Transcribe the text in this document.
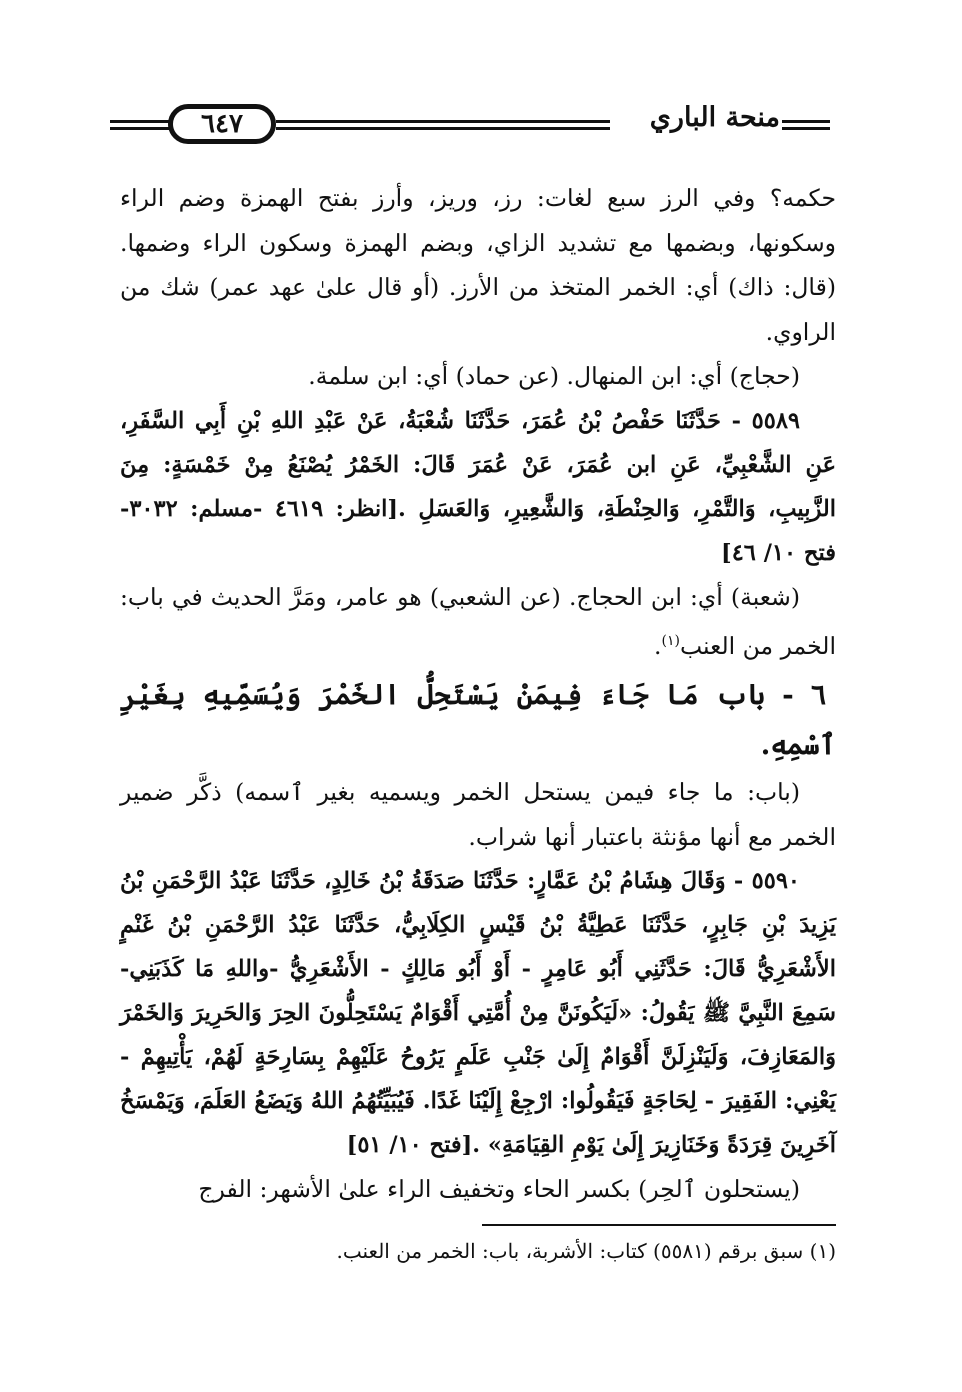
٦٤٧	منحة الباري

حكمه؟ وفي الرز سبع لغات: رز، وريز، وأرز بفتح الهمزة وضم الراء وسكونها، وبضمها مع تشديد الزاي، وبضم الهمزة وسكون الراء وضمها. (قال: ذاك) أي: الخمر المتخذ من الأرز. (أو قال علىٰ عهد عمر) شك من الراوي.

(حجاج) أي: ابن المنهال. (عن حماد) أي: ابن سلمة.

٥٥٨٩ - حَدَّثَنَا حَفْصُ بْنُ عُمَرَ، حَدَّثَنَا شُعْبَةُ، عَنْ عَبْدِ اللهِ بْنِ أَبِي السَّفَرِ، عَنِ الشَّعْبِيِّ، عَنِ ابن عُمَرَ، عَنْ عُمَرَ قَالَ: الخَمْرُ يُصْنَعُ مِنْ خَمْسَةٍ: مِنَ الزَّبِيبِ، وَالتَّمْرِ، وَالحِنْطَةِ، وَالشَّعِيرِ، وَالعَسَلِ .[انظر: ٤٦١٩ -مسلم: ٣٠٣٢- فتح ١٠/ ٤٦]

(شعبة) أي: ابن الحجاج. (عن الشعبي) هو عامر، ومَرَّ الحديث في باب: الخمر من العنب$^{(١)}$.

٦ - باب مَا جَاءَ فِيمَنْ يَسْتَحِلُّ الخَمْرَ وَيُسَمِّيهِ بِغَيْرِ ٱسْمِهِ.

(باب: ما جاء فيمن يستحل الخمر ويسميه بغير ٱسمه) ذكَّر ضمير الخمر مع أنها مؤنثة باعتبار أنها شراب.

٥٥٩٠ - وَقَالَ هِشَامُ بْنُ عَمَّارٍ: حَدَّثَنَا صَدَقَةُ بْنُ خَالِدٍ، حَدَّثَنَا عَبْدُ الرَّحْمَنِ بْنُ يَزِيدَ بْنِ جَابِرٍ، حَدَّثَنَا عَطِيَّةُ بْنُ قَيْسٍ الكِلَابِيُّ، حَدَّثَنَا عَبْدُ الرَّحْمَنِ بْنُ غَنْمٍ الأَشْعَرِيُّ قَالَ: حَدَّثَنِي أَبُو عَامِرٍ - أَوْ أَبُو مَالِكٍ - الأَشْعَرِيُّ -واللهِ مَا كَذَبَنِي- سَمِعَ النَّبِيَّ ﷺ يَقُولُ: «لَيَكُونَنَّ مِنْ أُمَّتِي أَقْوَامٌ يَسْتَحِلُّونَ الحِرَ وَالحَرِيرَ وَالخَمْرَ وَالمَعَازِفَ، وَلَيَنْزِلَنَّ أَقْوَامٌ إِلَىٰ جَنْبِ عَلَمٍ يَرُوحُ عَلَيْهِمْ بِسَارِحَةٍ لَهُمْ، يَأْتِيهِمْ - يَعْنِي: الفَقِيرَ - لِحَاجَةٍ فَيَقُولُوا: ارْجِعْ إِلَيْنَا غَدًا. فَيُبَيِّتُهُمُ اللهُ وَيَضَعُ العَلَمَ، وَيَمْسَخُ آخَرِينَ قِرَدَةً وَخَنَازِيرَ إِلَىٰ يَوْمِ القِيَامَةِ» .[فتح ١٠/ ٥١]

(يستحلون ٱلحِر) بكسر الحاء وتخفيف الراء علىٰ الأشهر: الفرج

(١) سبق برقم (٥٥٨١) كتاب: الأشربة، باب: الخمر من العنب.
